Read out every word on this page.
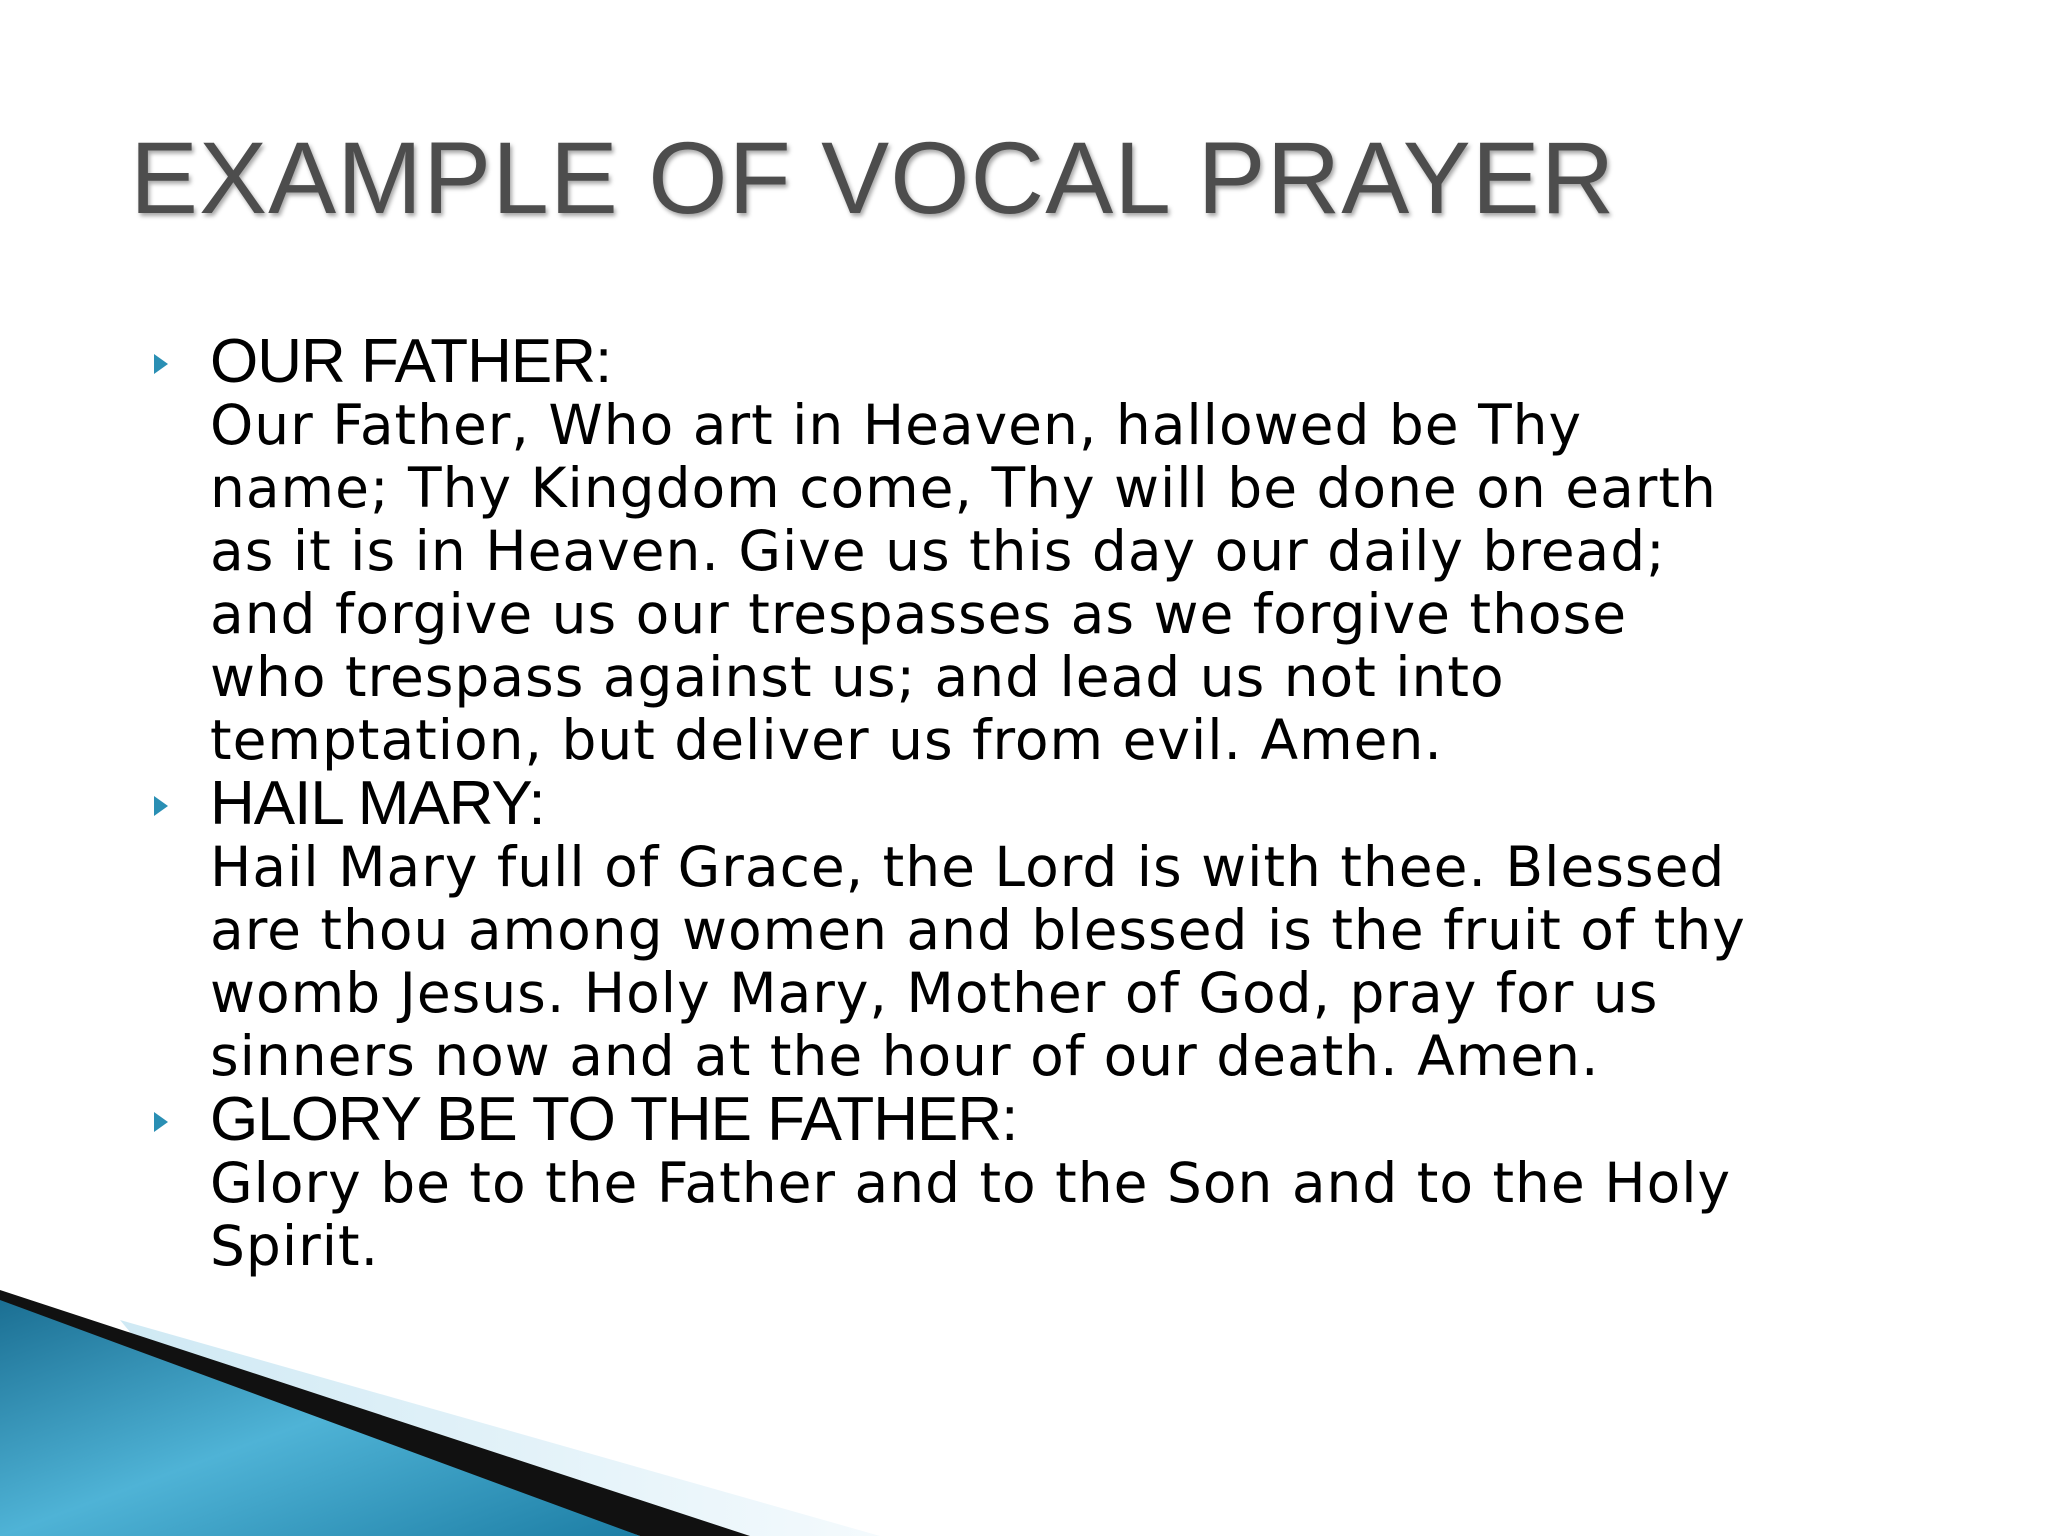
EXAMPLE OF VOCAL PRAYER
OUR FATHER:
Our Father, Who art in Heaven, hallowed be Thy
name; Thy Kingdom come, Thy will be done on earth
as it is in Heaven. Give us this day our daily bread;
and forgive us our trespasses as we forgive those
who trespass against us; and lead us not into
temptation, but deliver us from evil. Amen.
HAIL MARY:
Hail Mary full of Grace, the Lord is with thee. Blessed
are thou among women and blessed is the fruit of thy
womb Jesus. Holy Mary, Mother of God, pray for us
sinners now and at the hour of our death. Amen.
GLORY BE TO THE FATHER:
Glory be to the Father and to the Son and to the Holy
Spirit.
